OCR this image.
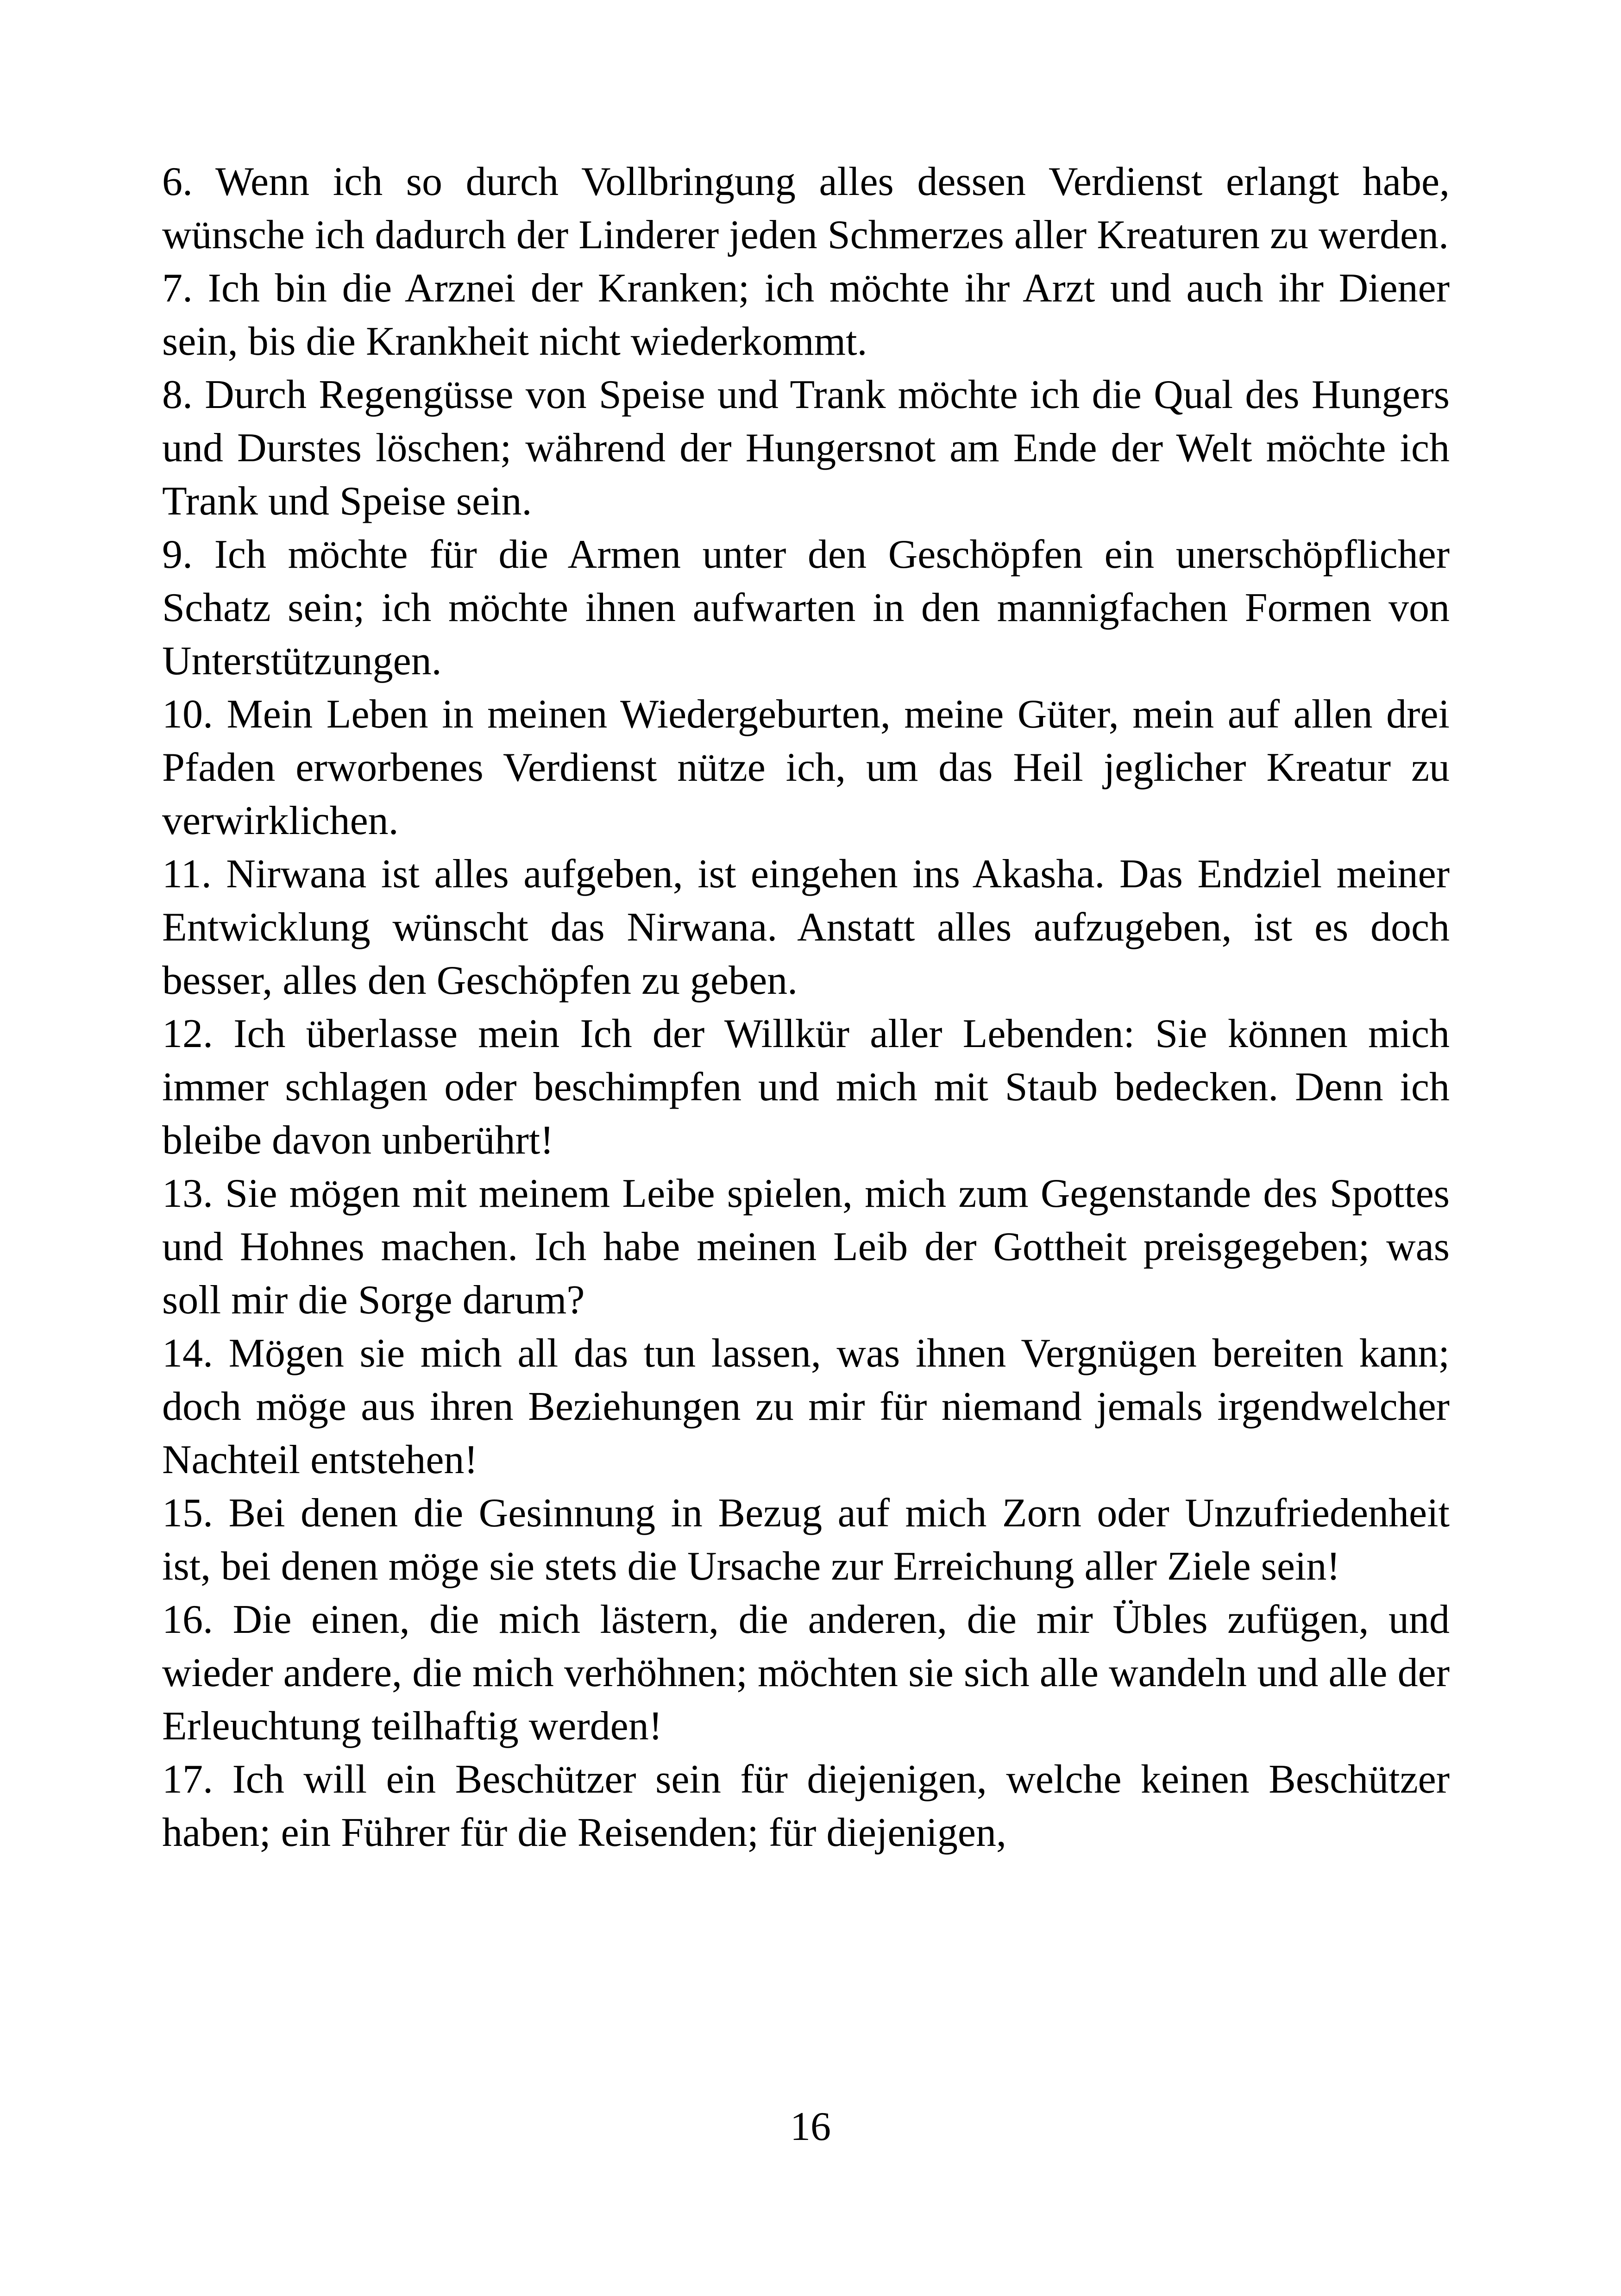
6. Wenn ich so durch Vollbringung alles dessen Verdienst erlangt habe, wünsche ich dadurch der Linderer jeden Schmerzes aller Kreaturen zu werden.

7. Ich bin die Arznei der Kranken; ich möchte ihr Arzt und auch ihr Diener sein, bis die Krankheit nicht wiederkommt.

8. Durch Regengüsse von Speise und Trank möchte ich die Qual des Hungers und Durstes löschen; während der Hungersnot am Ende der Welt möchte ich Trank und Speise sein.

9. Ich möchte für die Armen unter den Geschöpfen ein unerschöpflicher Schatz sein; ich möchte ihnen aufwarten in den mannigfachen Formen von Unterstützungen.

10. Mein Leben in meinen Wiedergeburten, meine Güter, mein auf allen drei Pfaden erworbenes Verdienst nütze ich, um das Heil jeglicher Kreatur zu verwirklichen.

11. Nirwana ist alles aufgeben, ist eingehen ins Akasha. Das Endziel meiner Entwicklung wünscht das Nirwana. Anstatt alles aufzugeben, ist es doch besser, alles den Geschöpfen zu geben.

12. Ich überlasse mein Ich der Willkür aller Lebenden: Sie können mich immer schlagen oder beschimpfen und mich mit Staub bedecken. Denn ich bleibe davon unberührt!

13. Sie mögen mit meinem Leibe spielen, mich zum Gegenstande des Spottes und Hohnes machen. Ich habe meinen Leib der Gottheit preisgegeben; was soll mir die Sorge darum?

14. Mögen sie mich all das tun lassen, was ihnen Vergnügen bereiten kann; doch möge aus ihren Beziehungen zu mir für niemand jemals irgendwelcher Nachteil entstehen!

15. Bei denen die Gesinnung in Bezug auf mich Zorn oder Unzufriedenheit ist, bei denen möge sie stets die Ursache zur Erreichung aller Ziele sein!

16. Die einen, die mich lästern, die anderen, die mir Übles zufügen, und wieder andere, die mich verhöhnen; möchten sie sich alle wandeln und alle der Erleuchtung teilhaftig werden!

17. Ich will ein Beschützer sein für diejenigen, welche keinen Beschützer haben; ein Führer für die Reisenden; für diejenigen,

16
